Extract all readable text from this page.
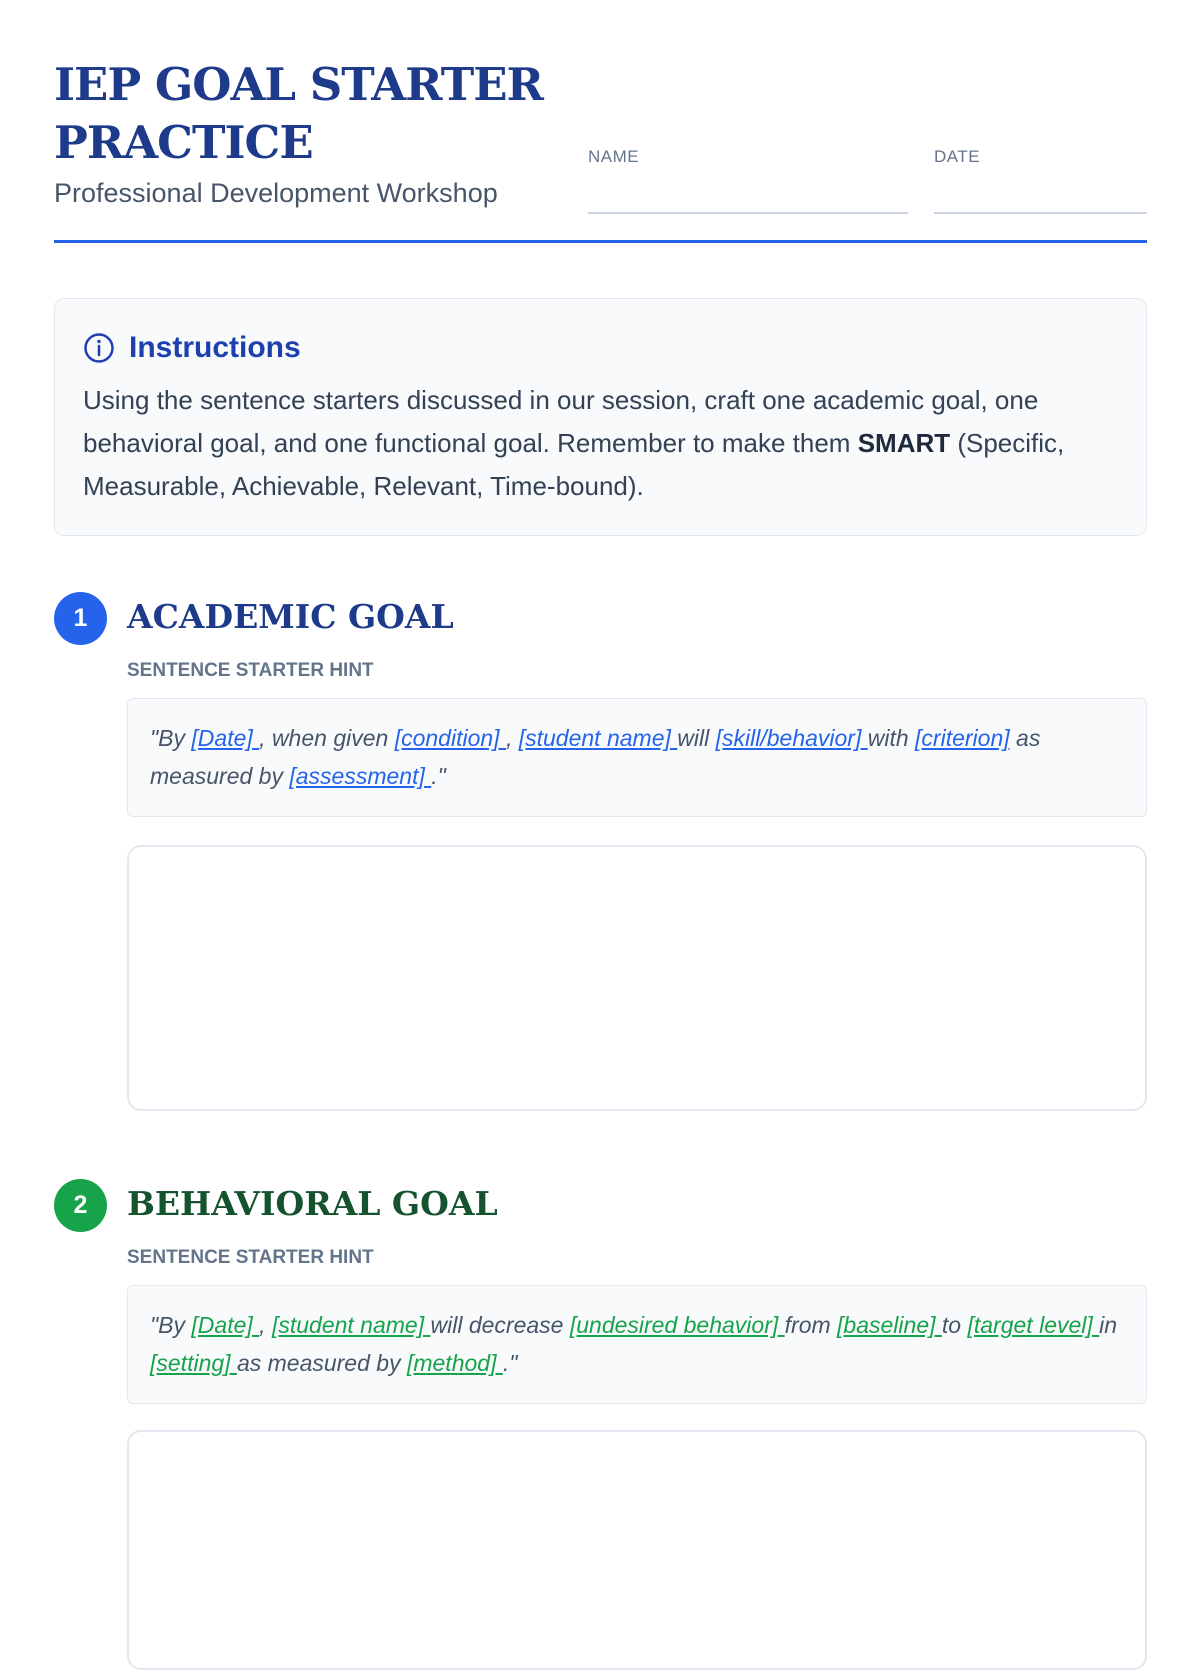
IEP GOAL STARTER PRACTICE
Professional Development Workshop
NAME	DATE
Instructions
Using the sentence starters discussed in our session, craft one academic goal, one behavioral goal, and one functional goal. Remember to make them SMART (Specific, Measurable, Achievable, Relevant, Time-bound).
1	ACADEMIC GOAL
SENTENCE STARTER HINT
"By [Date] , when given [condition] , [student name] will [skill/behavior] with [criterion] as measured by [assessment] ."
2	BEHAVIORAL GOAL
SENTENCE STARTER HINT
"By [Date] , [student name] will decrease [undesired behavior] from [baseline] to [target level] in [setting] as measured by [method] ."
